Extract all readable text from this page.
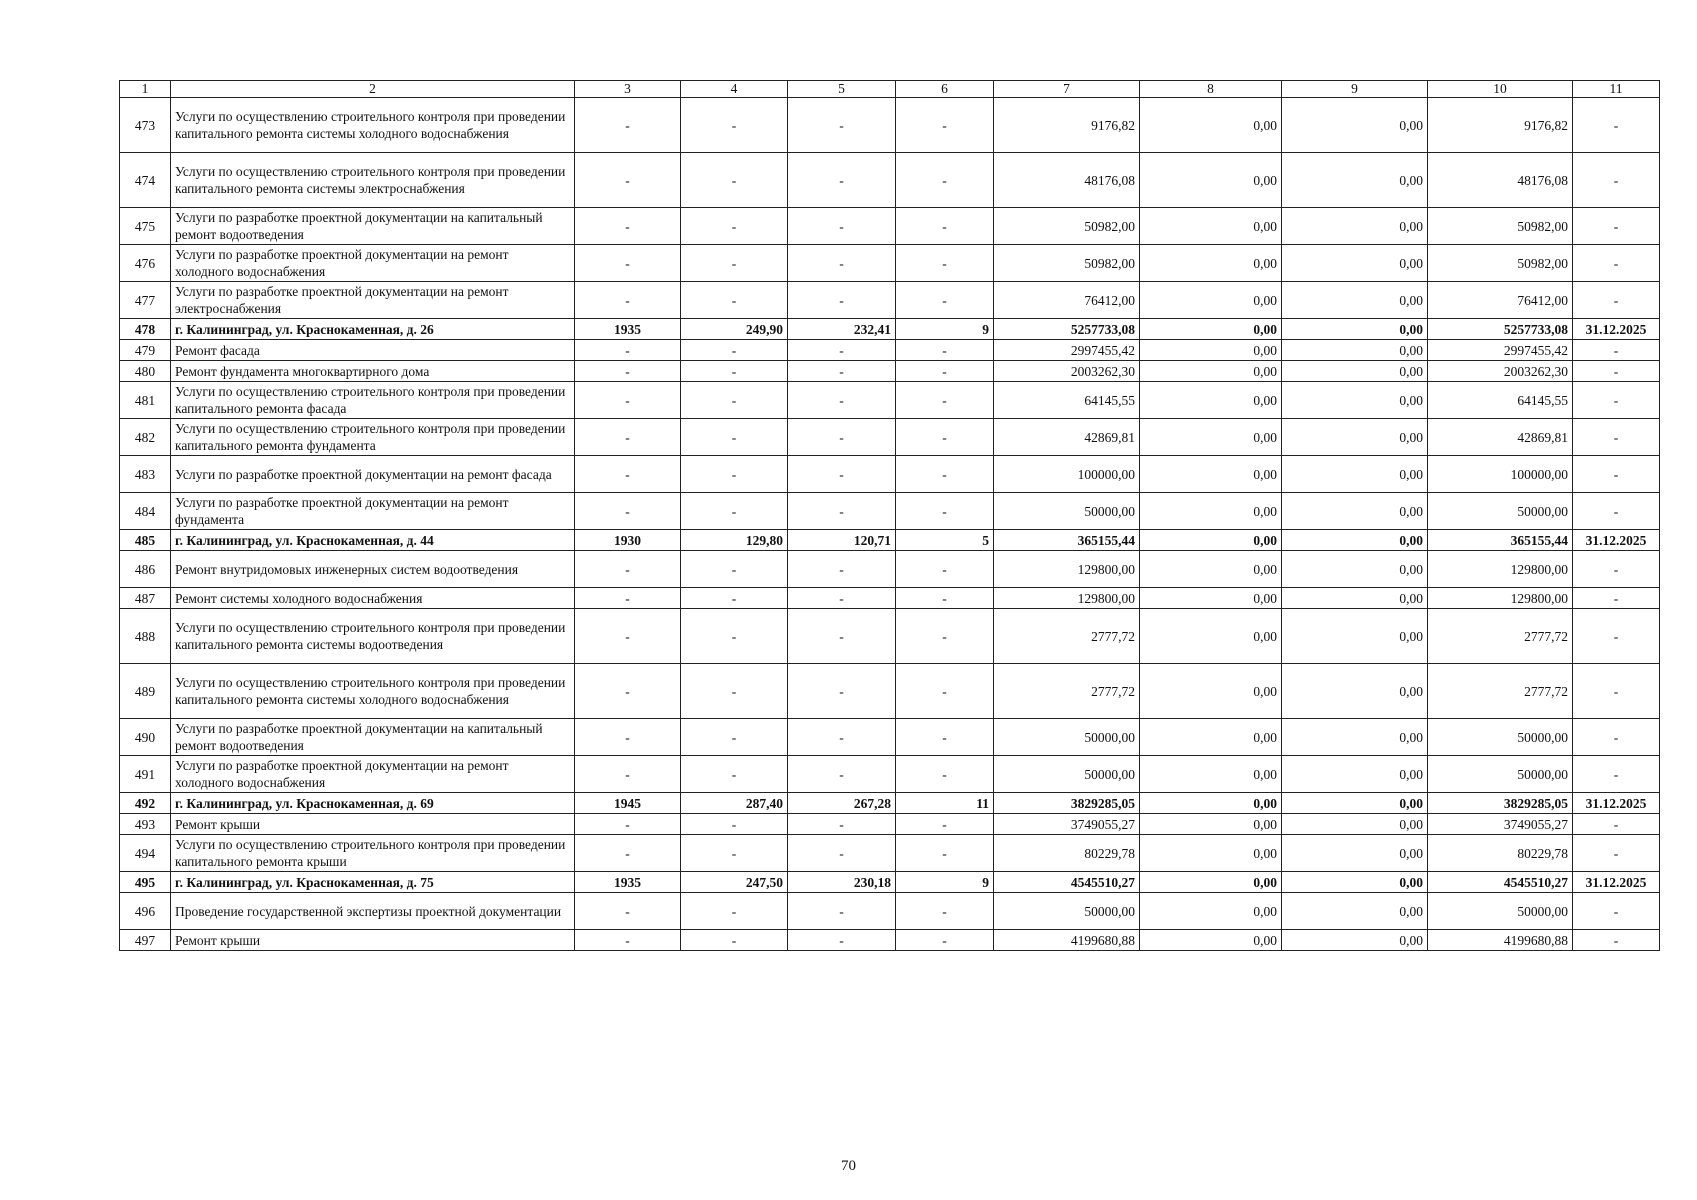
1	2	3	4	5	6	7	8	9	10	11
473	Услуги по осуществлению строительного контроля при проведении капитального ремонта системы холодного водоснабжения	-	-	-	-	9176,82	0,00	0,00	9176,82	-
474	Услуги по осуществлению строительного контроля при проведении капитального ремонта системы электроснабжения	-	-	-	-	48176,08	0,00	0,00	48176,08	-
475	Услуги по разработке проектной документации на капитальный ремонт водоотведения	-	-	-	-	50982,00	0,00	0,00	50982,00	-
476	Услуги по разработке проектной документации на ремонт холодного водоснабжения	-	-	-	-	50982,00	0,00	0,00	50982,00	-
477	Услуги по разработке проектной документации на ремонт электроснабжения	-	-	-	-	76412,00	0,00	0,00	76412,00	-
478	г. Калининград, ул. Краснокаменная, д. 26	1935	249,90	232,41	9	5257733,08	0,00	0,00	5257733,08	31.12.2025
479	Ремонт фасада	-	-	-	-	2997455,42	0,00	0,00	2997455,42	-
480	Ремонт фундамента многоквартирного дома	-	-	-	-	2003262,30	0,00	0,00	2003262,30	-
481	Услуги по осуществлению строительного контроля при проведении капитального ремонта фасада	-	-	-	-	64145,55	0,00	0,00	64145,55	-
482	Услуги по осуществлению строительного контроля при проведении капитального ремонта фундамента	-	-	-	-	42869,81	0,00	0,00	42869,81	-
483	Услуги по разработке проектной документации на ремонт фасада	-	-	-	-	100000,00	0,00	0,00	100000,00	-
484	Услуги по разработке проектной документации на ремонт фундамента	-	-	-	-	50000,00	0,00	0,00	50000,00	-
485	г. Калининград, ул. Краснокаменная, д. 44	1930	129,80	120,71	5	365155,44	0,00	0,00	365155,44	31.12.2025
486	Ремонт внутридомовых инженерных систем водоотведения	-	-	-	-	129800,00	0,00	0,00	129800,00	-
487	Ремонт системы холодного водоснабжения	-	-	-	-	129800,00	0,00	0,00	129800,00	-
488	Услуги по осуществлению строительного контроля при проведении капитального ремонта системы водоотведения	-	-	-	-	2777,72	0,00	0,00	2777,72	-
489	Услуги по осуществлению строительного контроля при проведении капитального ремонта системы холодного водоснабжения	-	-	-	-	2777,72	0,00	0,00	2777,72	-
490	Услуги по разработке проектной документации на капитальный ремонт водоотведения	-	-	-	-	50000,00	0,00	0,00	50000,00	-
491	Услуги по разработке проектной документации на ремонт холодного водоснабжения	-	-	-	-	50000,00	0,00	0,00	50000,00	-
492	г. Калининград, ул. Краснокаменная, д. 69	1945	287,40	267,28	11	3829285,05	0,00	0,00	3829285,05	31.12.2025
493	Ремонт крыши	-	-	-	-	3749055,27	0,00	0,00	3749055,27	-
494	Услуги по осуществлению строительного контроля при проведении капитального ремонта крыши	-	-	-	-	80229,78	0,00	0,00	80229,78	-
495	г. Калининград, ул. Краснокаменная, д. 75	1935	247,50	230,18	9	4545510,27	0,00	0,00	4545510,27	31.12.2025
496	Проведение государственной экспертизы проектной документации	-	-	-	-	50000,00	0,00	0,00	50000,00	-
497	Ремонт крыши	-	-	-	-	4199680,88	0,00	0,00	4199680,88	-
70
